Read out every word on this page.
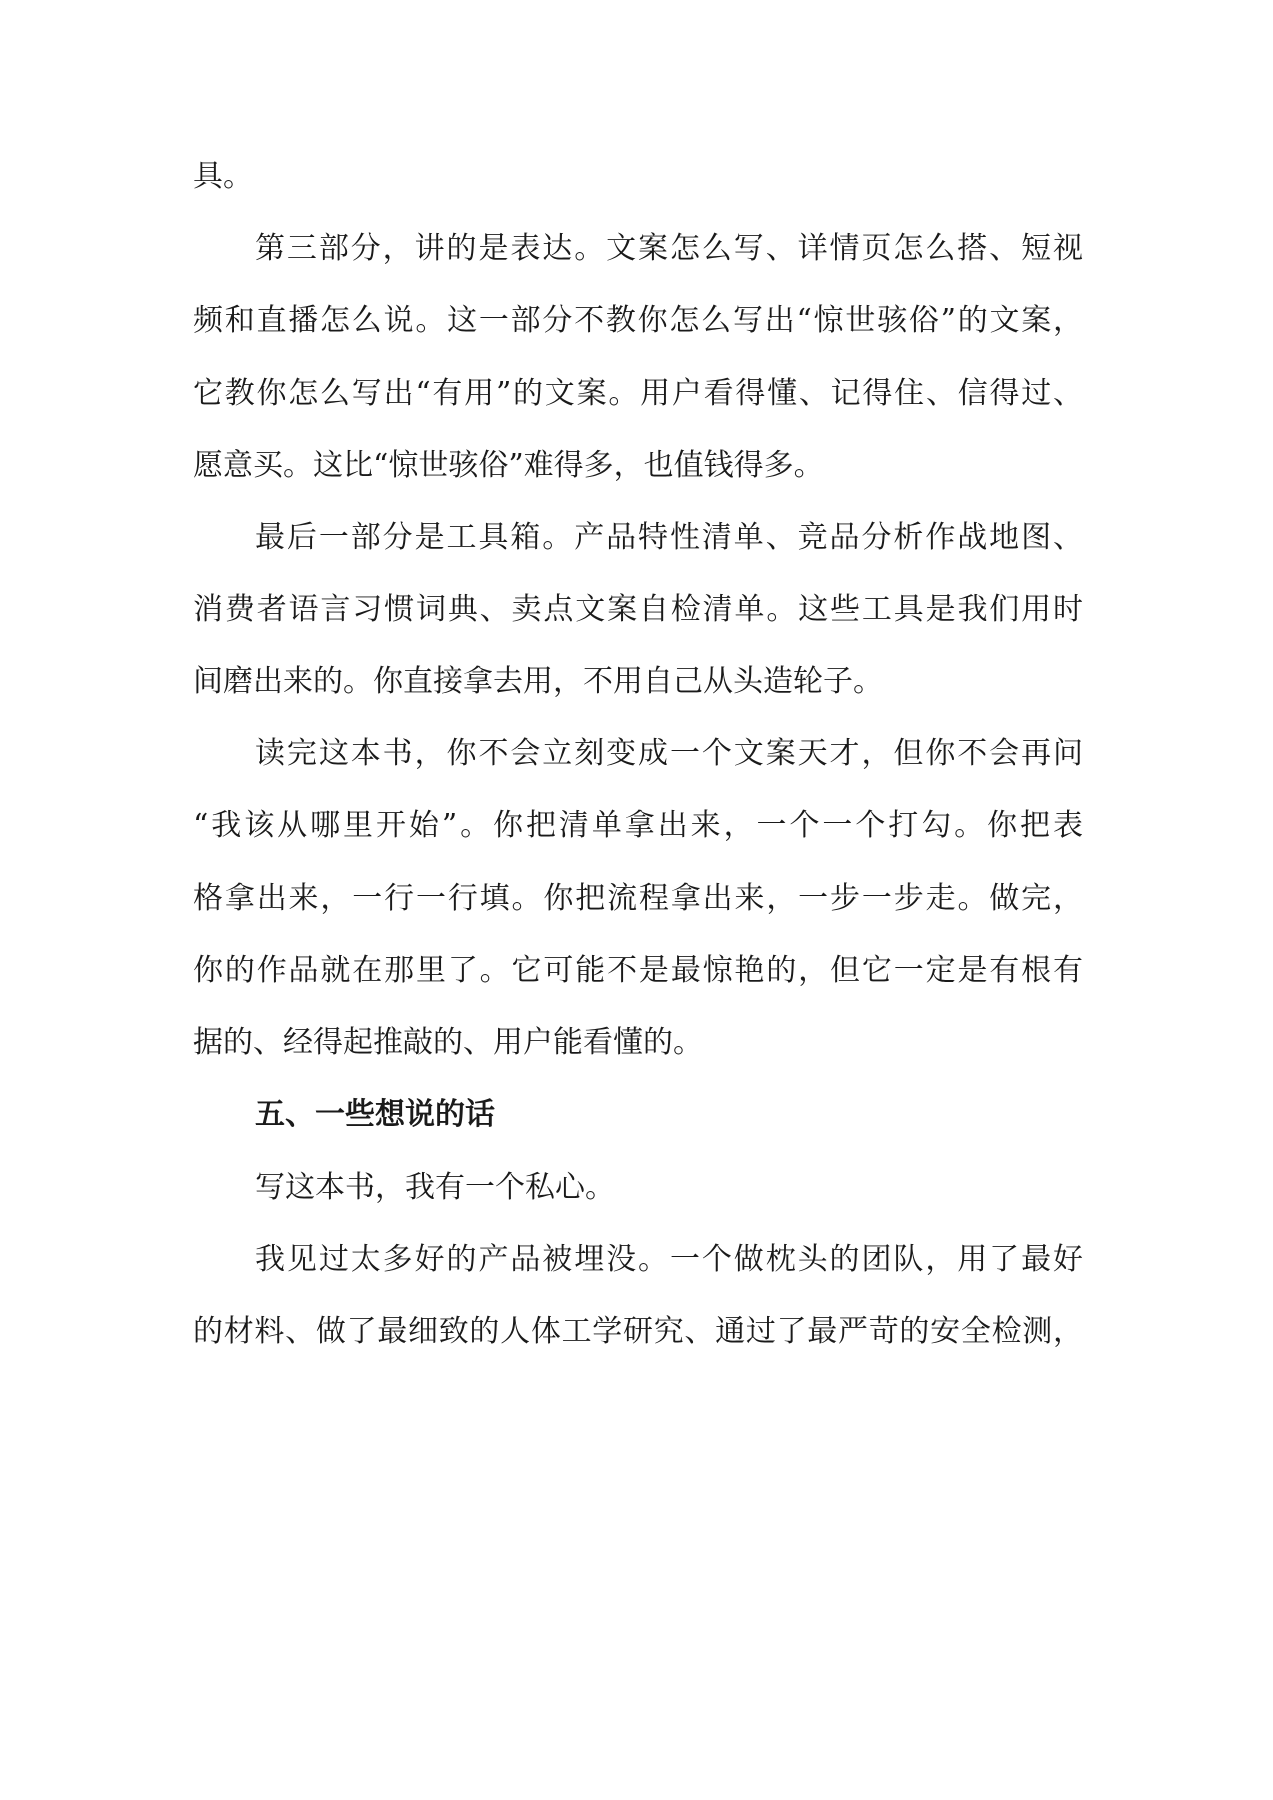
具。

第三部分，讲的是表达。文案怎么写、详情页怎么搭、短视

频和直播怎么说。这一部分不教你怎么写出“惊世骇俗”的文案，

它教你怎么写出“有用”的文案。用户看得懂、记得住、信得过、

愿意买。这比“惊世骇俗”难得多，也值钱得多。

最后一部分是工具箱。产品特性清单、竞品分析作战地图、

消费者语言习惯词典、卖点文案自检清单。这些工具是我们用时

间磨出来的。你直接拿去用，不用自己从头造轮子。

读完这本书，你不会立刻变成一个文案天才，但你不会再问

“我该从哪里开始”。你把清单拿出来，一个一个打勾。你把表

格拿出来，一行一行填。你把流程拿出来，一步一步走。做完，

你的作品就在那里了。它可能不是最惊艳的，但它一定是有根有

据的、经得起推敲的、用户能看懂的。

五、一些想说的话

写这本书，我有一个私心。

我见过太多好的产品被埋没。一个做枕头的团队，用了最好

的材料、做了最细致的人体工学研究、通过了最严苛的安全检测，
